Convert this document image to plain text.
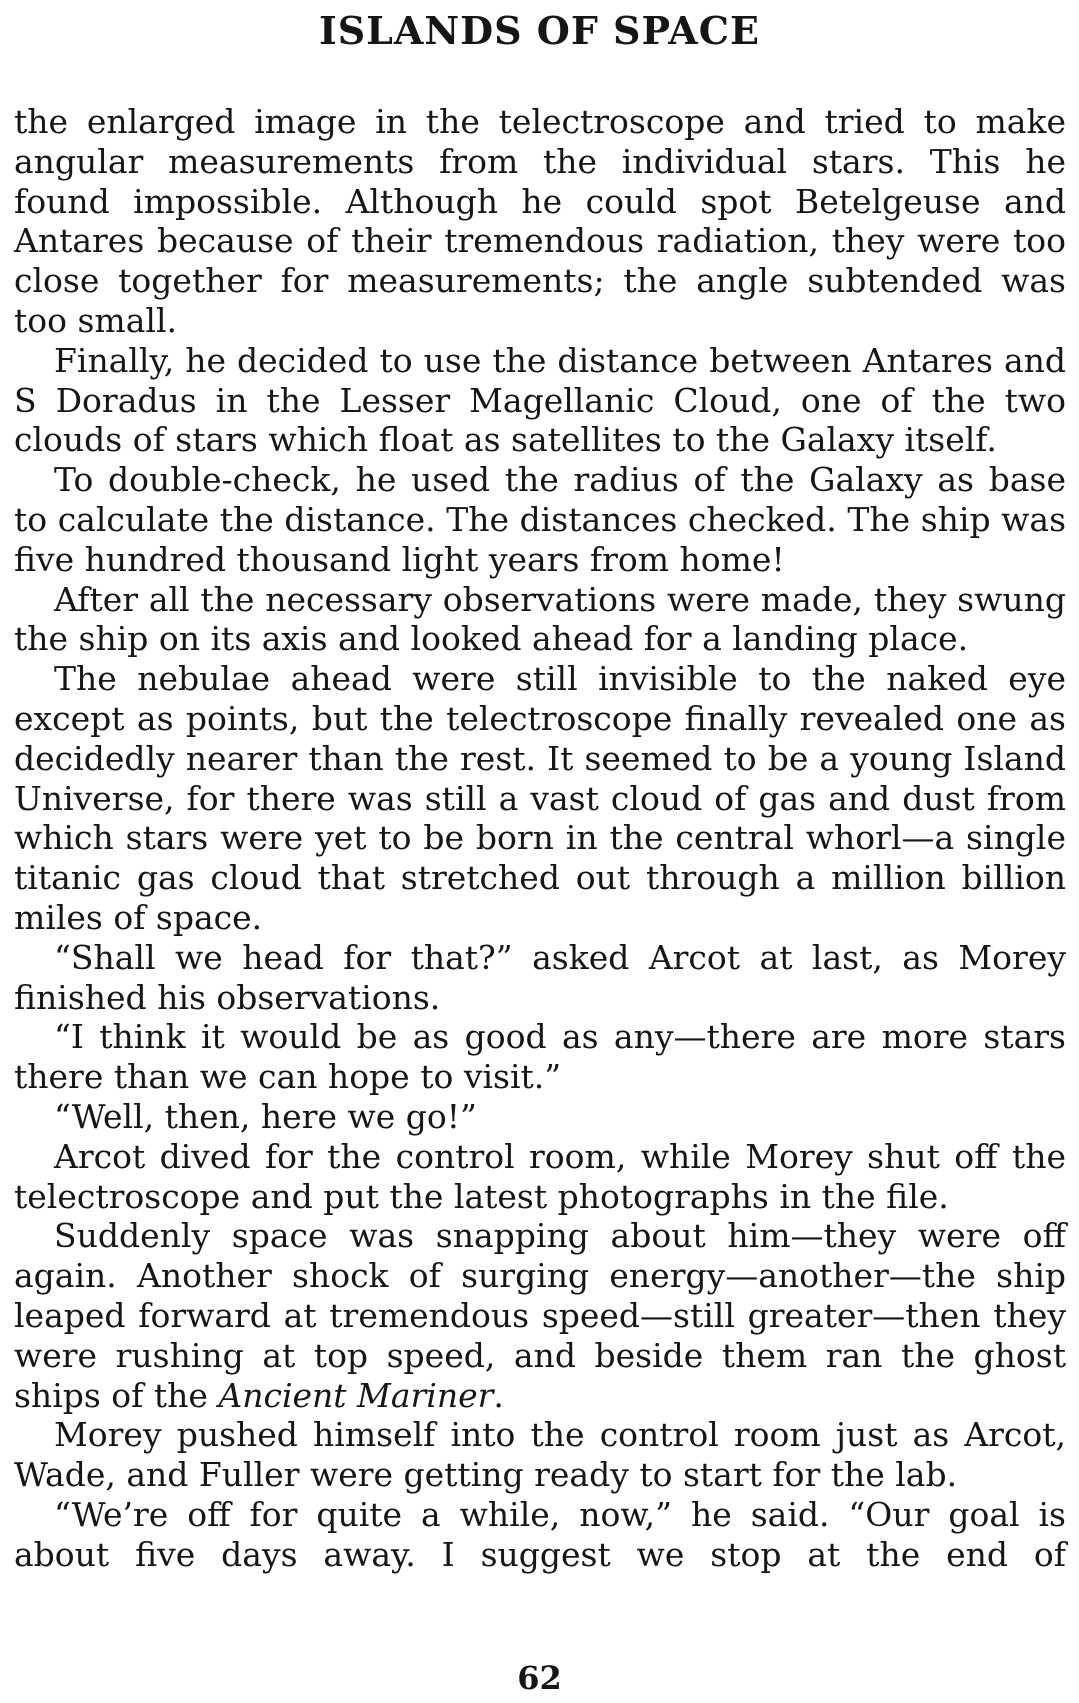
ISLANDS OF SPACE

the enlarged image in the telectroscope and tried to make angular measurements from the individual stars. This he found impossible. Although he could spot Betelgeuse and Antares because of their tremendous radiation, they were too close together for measurements; the angle subtended was too small.

Finally, he decided to use the distance between Antares and S Doradus in the Lesser Magellanic Cloud, one of the two clouds of stars which float as satellites to the Galaxy itself.

To double-check, he used the radius of the Galaxy as base to calculate the distance. The distances checked. The ship was five hundred thousand light years from home!

After all the necessary observations were made, they swung the ship on its axis and looked ahead for a landing place.

The nebulae ahead were still invisible to the naked eye except as points, but the telectroscope finally revealed one as decidedly nearer than the rest. It seemed to be a young Island Universe, for there was still a vast cloud of gas and dust from which stars were yet to be born in the central whorl—a single titanic gas cloud that stretched out through a million billion miles of space.

“Shall we head for that?” asked Arcot at last, as Morey finished his observations.

“I think it would be as good as any—there are more stars there than we can hope to visit.”

“Well, then, here we go!”

Arcot dived for the control room, while Morey shut off the telectroscope and put the latest photographs in the file.

Suddenly space was snapping about him—they were off again. Another shock of surging energy—another—the ship leaped forward at tremendous speed—still greater—then they were rushing at top speed, and beside them ran the ghost ships of the Ancient Mariner.

Morey pushed himself into the control room just as Arcot, Wade, and Fuller were getting ready to start for the lab.

“We’re off for quite a while, now,” he said. “Our goal is about five days away. I suggest we stop at the end of

62
